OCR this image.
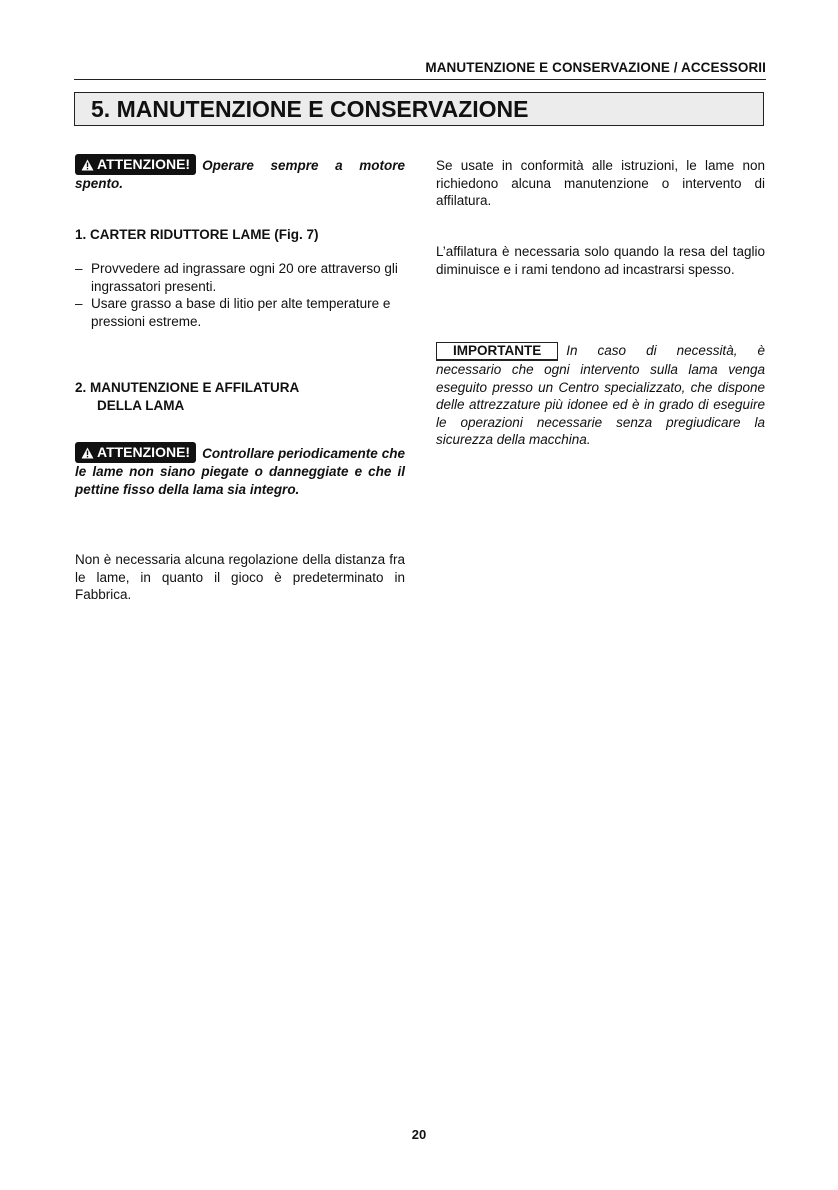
MANUTENZIONE E CONSERVAZIONE / ACCESSORII
5. MANUTENZIONE E CONSERVAZIONE

ATTENZIONE! Operare sempre a motore spento.

1. CARTER RIDUTTORE LAME (Fig. 7)
– Provvedere ad ingrassare ogni 20 ore attraverso gli ingrassatori presenti.
– Usare grasso a base di litio per alte temperature e pressioni estreme.
2. MANUTENZIONE E AFFILATURA
DELLA LAMA

ATTENZIONE! Controllare periodicamente che le lame non siano piegate o danneggiate e che il pettine fisso della lama sia integro.

Non è necessaria alcuna regolazione della distanza fra le lame, in quanto il gioco è predeterminato in Fabbrica.

Se usate in conformità alle istruzioni, le lame non richiedono alcuna manutenzione o intervento di affilatura.

L’affilatura è necessaria solo quando la resa del taglio diminuisce e i rami tendono ad incastrarsi spesso.

IMPORTANTE In caso di necessità, è necessario che ogni intervento sulla lama venga eseguito presso un Centro specializzato, che dispone delle attrezzature più idonee ed è in grado di eseguire le operazioni necessarie senza pregiudicare la sicurezza della macchina.

20
